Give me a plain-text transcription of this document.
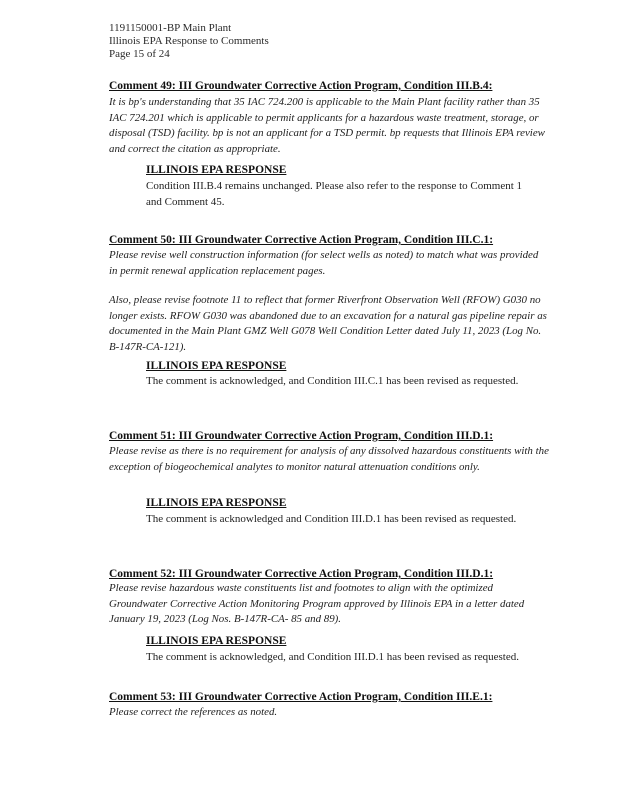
1191150001-BP Main Plant
Illinois EPA Response to Comments
Page 15 of 24
Comment 49: III Groundwater Corrective Action Program, Condition III.B.4:
It is bp's understanding that 35 IAC 724.200 is applicable to the Main Plant facility rather than 35 IAC 724.201 which is applicable to permit applicants for a hazardous waste treatment, storage, or disposal (TSD) facility. bp is not an applicant for a TSD permit. bp requests that Illinois EPA review and correct the citation as appropriate.
ILLINOIS EPA RESPONSE
Condition III.B.4 remains unchanged. Please also refer to the response to Comment 1 and Comment 45.
Comment 50: III Groundwater Corrective Action Program, Condition III.C.1:
Please revise well construction information (for select wells as noted) to match what was provided in permit renewal application replacement pages.
Also, please revise footnote 11 to reflect that former Riverfront Observation Well (RFOW) G030 no longer exists. RFOW G030 was abandoned due to an excavation for a natural gas pipeline repair as documented in the Main Plant GMZ Well G078 Well Condition Letter dated July 11, 2023 (Log No. B-147R-CA-121).
ILLINOIS EPA RESPONSE
The comment is acknowledged, and Condition III.C.1 has been revised as requested.
Comment 51: III Groundwater Corrective Action Program, Condition III.D.1:
Please revise as there is no requirement for analysis of any dissolved hazardous constituents with the exception of biogeochemical analytes to monitor natural attenuation conditions only.
ILLINOIS EPA RESPONSE
The comment is acknowledged and Condition III.D.1 has been revised as requested.
Comment 52: III Groundwater Corrective Action Program, Condition III.D.1:
Please revise hazardous waste constituents list and footnotes to align with the optimized Groundwater Corrective Action Monitoring Program approved by Illinois EPA in a letter dated January 19, 2023 (Log Nos. B-147R-CA- 85 and 89).
ILLINOIS EPA RESPONSE
The comment is acknowledged, and Condition III.D.1 has been revised as requested.
Comment 53: III Groundwater Corrective Action Program, Condition III.E.1:
Please correct the references as noted.
